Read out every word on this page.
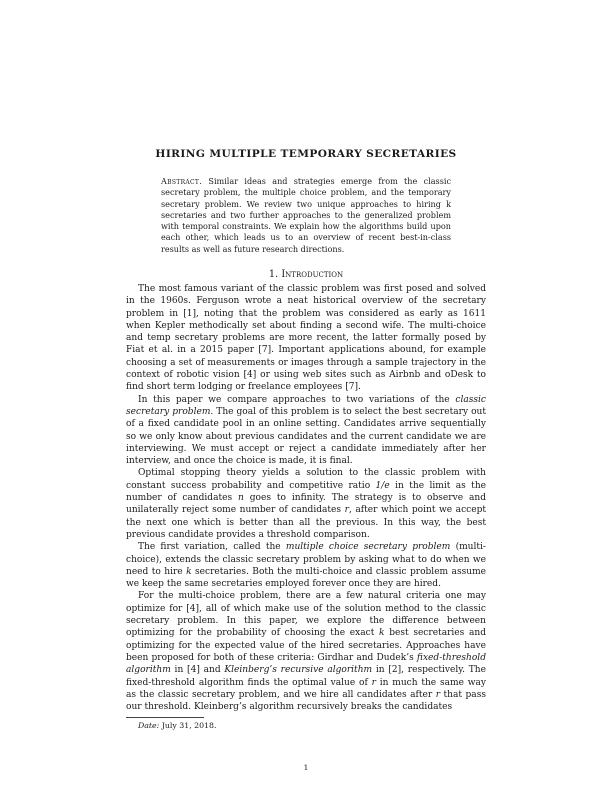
HIRING MULTIPLE TEMPORARY SECRETARIES

Abstract. Similar ideas and strategies emerge from the classic secretary problem, the multiple choice problem, and the temporary secretary problem. We review two unique approaches to hiring k secretaries and two further approaches to the generalized problem with temporal constraints. We explain how the algorithms build upon each other, which leads us to an overview of recent best-in-class results as well as future research directions.

1. Introduction

The most famous variant of the classic problem was first posed and solved in the 1960s. Ferguson wrote a neat historical overview of the secretary problem in [1], noting that the problem was considered as early as 1611 when Kepler methodically set about finding a second wife. The multi-choice and temp secretary problems are more recent, the latter formally posed by Fiat et al. in a 2015 paper [7]. Important applications abound, for example choosing a set of measurements or images through a sample trajectory in the context of robotic vision [4] or using web sites such as Airbnb and oDesk to find short term lodging or freelance employees [7].

In this paper we compare approaches to two variations of the classic secretary problem. The goal of this problem is to select the best secretary out of a fixed candidate pool in an online setting. Candidates arrive sequentially so we only know about previous candidates and the current candidate we are interviewing. We must accept or reject a candidate immediately after her interview, and once the choice is made, it is final.

Optimal stopping theory yields a solution to the classic problem with constant success probability and competitive ratio 1/e in the limit as the number of candidates n goes to infinity. The strategy is to observe and unilaterally reject some number of candidates r, after which point we accept the next one which is better than all the previous. In this way, the best previous candidate provides a threshold comparison.

The first variation, called the multiple choice secretary problem (multi-choice), extends the classic secretary problem by asking what to do when we need to hire k secretaries. Both the multi-choice and classic problem assume we keep the same secretaries employed forever once they are hired.

For the multi-choice problem, there are a few natural criteria one may optimize for [4], all of which make use of the solution method to the classic secretary problem. In this paper, we explore the difference between optimizing for the probability of choosing the exact k best secretaries and optimizing for the expected value of the hired secretaries. Approaches have been proposed for both of these criteria: Girdhar and Dudek’s fixed-threshold algorithm in [4] and Kleinberg’s recursive algorithm in [2], respectively. The fixed-threshold algorithm finds the optimal value of r in much the same way as the classic secretary problem, and we hire all candidates after r that pass our threshold. Kleinberg’s algorithm recursively breaks the candidates

Date: July 31, 2018.

1
